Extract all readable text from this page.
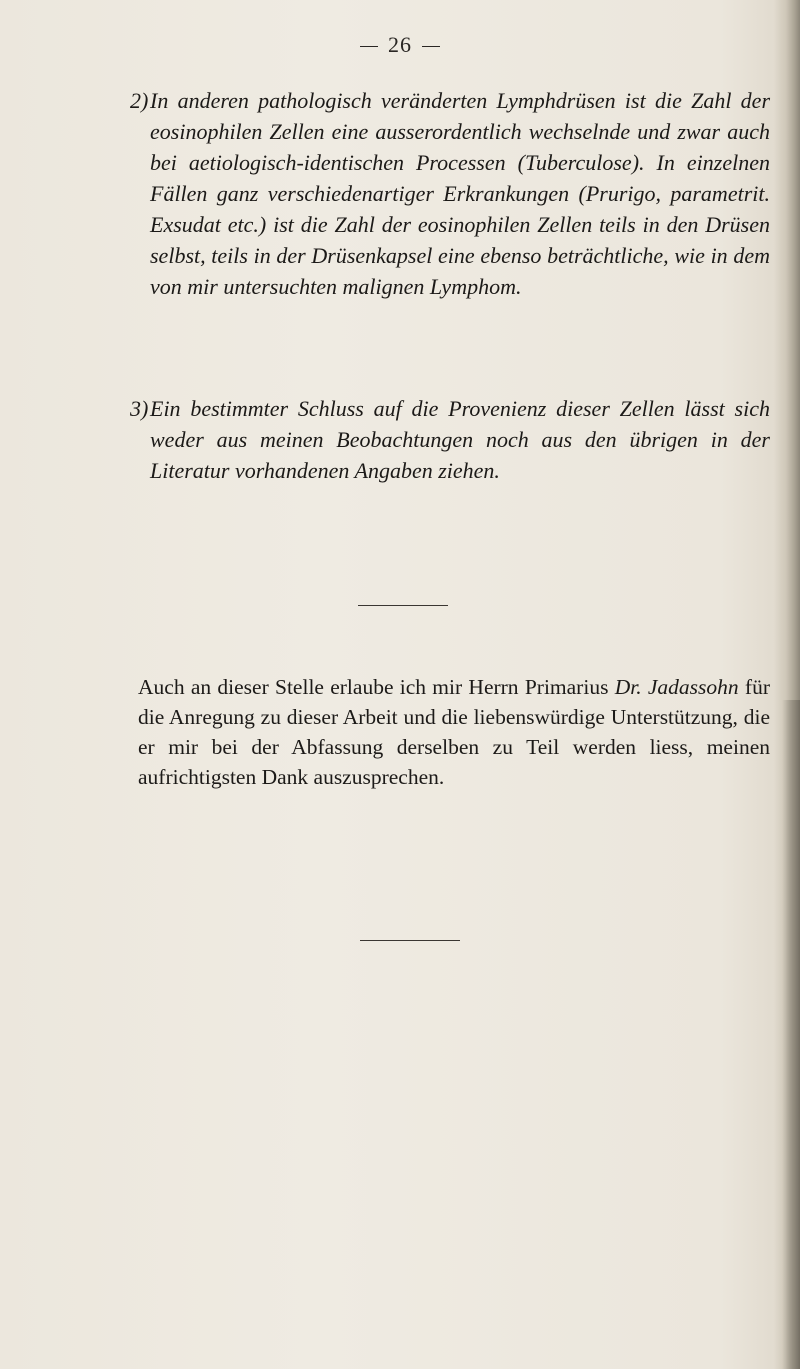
26
2) In anderen pathologisch veränderten Lymphdrüsen ist die Zahl der eosinophilen Zellen eine ausserordentlich wechselnde und zwar auch bei aetiologisch-identischen Processen (Tuberculose). In einzelnen Fällen ganz verschiedenartiger Erkrankungen (Prurigo, parametrit. Exsudat etc.) ist die Zahl der eosinophilen Zellen teils in den Drüsen selbst, teils in der Drüsenkapsel eine ebenso beträchtliche, wie in dem von mir untersuchten malignen Lymphom.

3) Ein bestimmter Schluss auf die Provenienz dieser Zellen lässt sich weder aus meinen Beobachtungen noch aus den übrigen in der Literatur vorhandenen Angaben ziehen.

Auch an dieser Stelle erlaube ich mir Herrn Primarius Dr. Jadassohn für die Anregung zu dieser Arbeit und die liebenswürdige Unterstützung, die er mir bei der Abfassung derselben zu Teil werden liess, meinen aufrichtigsten Dank auszusprechen.
